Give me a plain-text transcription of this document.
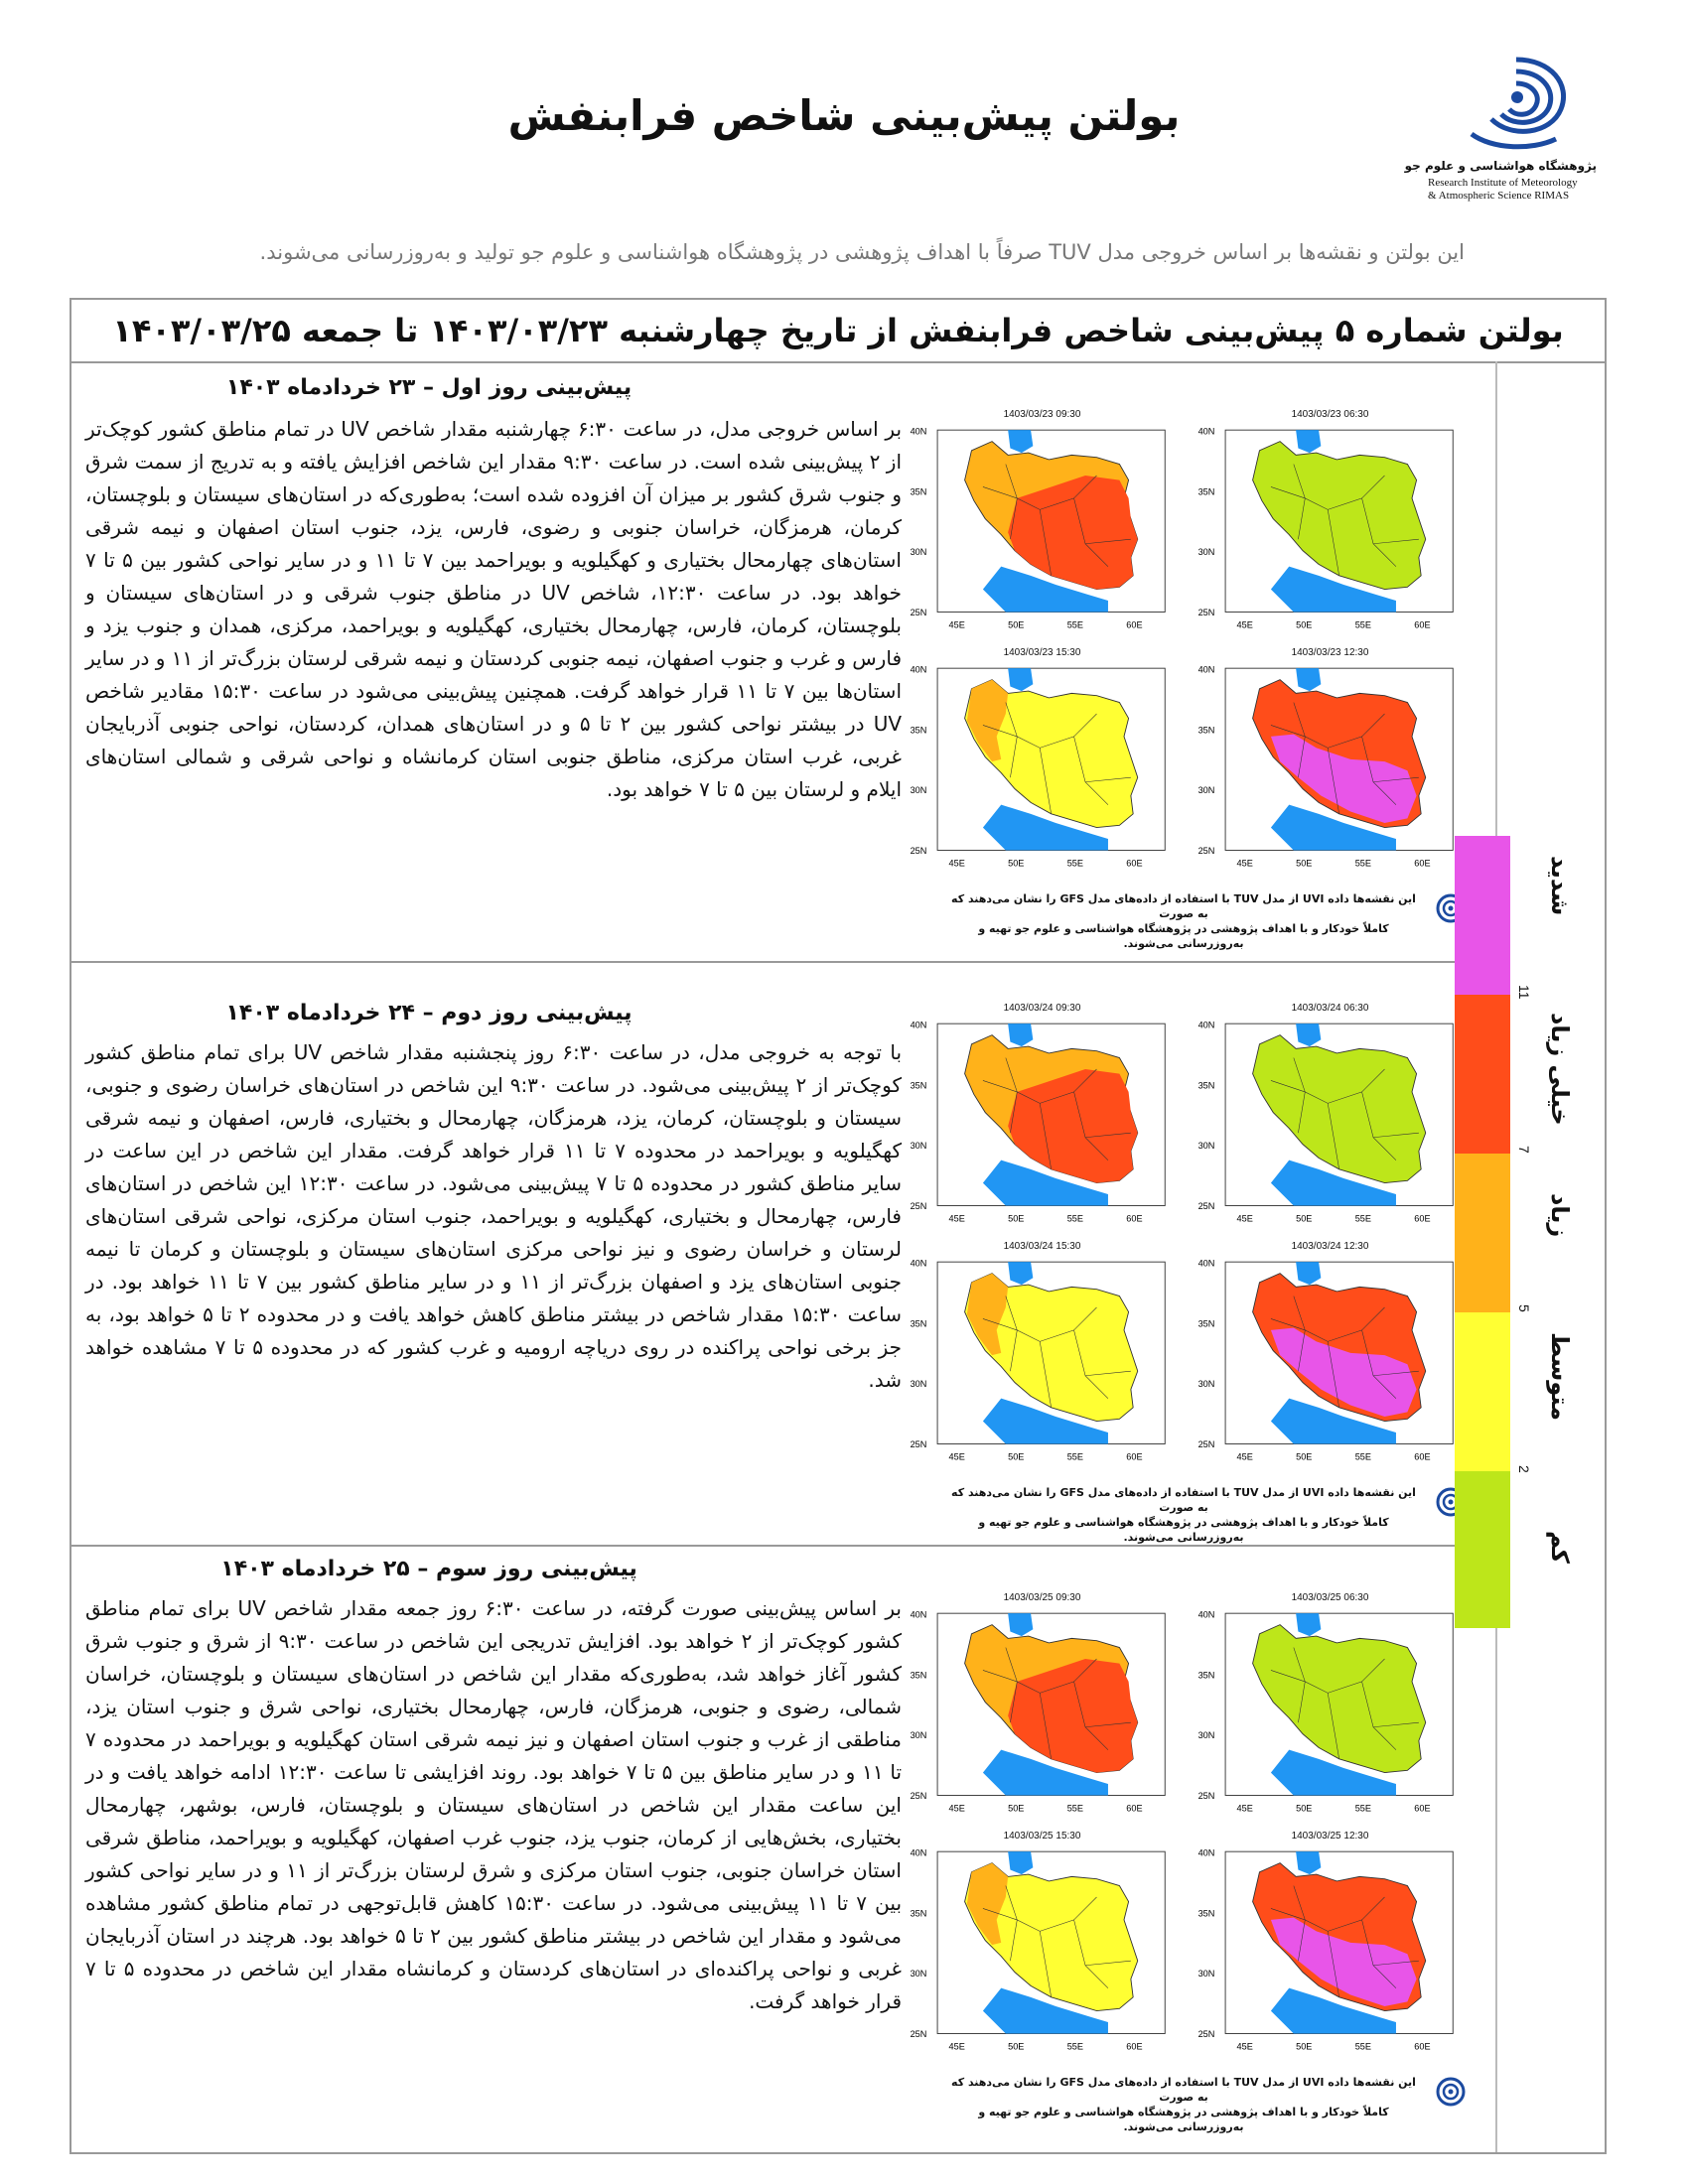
بولتن پیش‌بینی شاخص فرابنفش
پژوهشگاه هواشناسی و علوم جو
Research Institute of Meteorology
& Atmospheric Science RIMAS
این بولتن و نقشه‌ها بر اساس خروجی مدل TUV صرفاً با اهداف پژوهشی در پژوهشگاه هواشناسی و علوم جو تولید و به‌روزرسانی می‌شوند.
بولتن شماره ۵ پیش‌بینی شاخص فرابنفش از تاریخ چهارشنبه ۱۴۰۳/۰۳/۲۳ تا جمعه ۱۴۰۳/۰۳/۲۵
پیش‌بینی روز اول – ۲۳ خردادماه ۱۴۰۳
بر اساس خروجی مدل، در ساعت ۶:۳۰ چهارشنبه مقدار شاخص UV در تمام مناطق کشور کوچک‌تر از ۲ پیش‌بینی شده است. در ساعت ۹:۳۰ مقدار این شاخص افزایش یافته و به تدریج از سمت شرق و جنوب شرق کشور بر میزان آن افزوده شده است؛ به‌طوری‌که در استان‌های سیستان و بلوچستان، کرمان، هرمزگان، خراسان جنوبی و رضوی، فارس، یزد، جنوب استان اصفهان و نیمه شرقی استان‌های چهارمحال بختیاری و کهگیلویه و بویراحمد بین ۷ تا ۱۱ و در سایر نواحی کشور بین ۵ تا ۷ خواهد بود. در ساعت ۱۲:۳۰، شاخص UV در مناطق جنوب شرقی و در استان‌های سیستان و بلوچستان، کرمان، فارس، چهارمحال بختیاری، کهگیلویه و بویراحمد، مرکزی، همدان و جنوب یزد و فارس و غرب و جنوب اصفهان، نیمه جنوبی کردستان و نیمه شرقی لرستان بزرگ‌تر از ۱۱ و در سایر استان‌ها بین ۷ تا ۱۱ قرار خواهد گرفت. همچنین پیش‌بینی می‌شود در ساعت ۱۵:۳۰ مقادیر شاخص UV در بیشتر نواحی کشور بین ۲ تا ۵ و در استان‌های همدان، کردستان، نواحی جنوبی آذربایجان غربی، غرب استان مرکزی، مناطق جنوبی استان کرمانشاه و نواحی شرقی و شمالی استان‌های ایلام و لرستان بین ۵ تا ۷ خواهد بود.
1403/03/23 09:30
40N
35N
30N
25N
45E	50E	55E	60E
1403/03/23 06:30
40N
35N
30N
25N
45E	50E	55E	60E
1403/03/23 15:30
40N
35N
30N
25N
45E	50E	55E	60E
1403/03/23 12:30
40N
35N
30N
25N
45E	50E	55E	60E
این نقشه‌ها داده UVI از مدل TUV با استفاده از داده‌های مدل GFS را نشان می‌دهند که به صورت
کاملاً خودکار و با اهداف پژوهشی در پژوهشگاه هواشناسی و علوم جو تهیه و به‌روزرسانی می‌شوند.
پیش‌بینی روز دوم – ۲۴ خردادماه ۱۴۰۳
با توجه به خروجی مدل، در ساعت ۶:۳۰ روز پنجشنبه مقدار شاخص UV برای تمام مناطق کشور کوچک‌تر از ۲ پیش‌بینی می‌شود. در ساعت ۹:۳۰ این شاخص در استان‌های خراسان رضوی و جنوبی، سیستان و بلوچستان، کرمان، یزد، هرمزگان، چهارمحال و بختیاری، فارس، اصفهان و نیمه شرقی کهگیلویه و بویراحمد در محدوده ۷ تا ۱۱ قرار خواهد گرفت. مقدار این شاخص در این ساعت در سایر مناطق کشور در محدوده ۵ تا ۷ پیش‌بینی می‌شود. در ساعت ۱۲:۳۰ این شاخص در استان‌های فارس، چهارمحال و بختیاری، کهگیلویه و بویراحمد، جنوب استان مرکزی، نواحی شرقی استان‌های لرستان و خراسان رضوی و نیز نواحی مرکزی استان‌های سیستان و بلوچستان و کرمان تا نیمه جنوبی استان‌های یزد و اصفهان بزرگ‌تر از ۱۱ و در سایر مناطق کشور بین ۷ تا ۱۱ خواهد بود. در ساعت ۱۵:۳۰ مقدار شاخص در بیشتر مناطق کاهش خواهد یافت و در محدوده ۲ تا ۵ خواهد بود، به جز برخی نواحی پراکنده در روی دریاچه ارومیه و غرب کشور که در محدوده ۵ تا ۷ مشاهده خواهد شد.
1403/03/24 09:30
40N
35N
30N
25N
45E	50E	55E	60E
1403/03/24 06:30
40N
35N
30N
25N
45E	50E	55E	60E
1403/03/24 15:30
40N
35N
30N
25N
45E	50E	55E	60E
1403/03/24 12:30
40N
35N
30N
25N
45E	50E	55E	60E
این نقشه‌ها داده UVI از مدل TUV با استفاده از داده‌های مدل GFS را نشان می‌دهند که به صورت
کاملاً خودکار و با اهداف پژوهشی در پژوهشگاه هواشناسی و علوم جو تهیه و به‌روزرسانی می‌شوند.
پیش‌بینی روز سوم – ۲۵ خردادماه ۱۴۰۳
بر اساس پیش‌بینی صورت گرفته، در ساعت ۶:۳۰ روز جمعه مقدار شاخص UV برای تمام مناطق کشور کوچک‌تر از ۲ خواهد بود. افزایش تدریجی این شاخص در ساعت ۹:۳۰ از شرق و جنوب شرق کشور آغاز خواهد شد، به‌طوری‌که مقدار این شاخص در استان‌های سیستان و بلوچستان، خراسان شمالی، رضوی و جنوبی، هرمزگان، فارس، چهارمحال بختیاری، نواحی شرق و جنوب استان یزد، مناطقی از غرب و جنوب استان اصفهان و نیز نیمه شرقی استان کهگیلویه و بویراحمد در محدوده ۷ تا ۱۱ و در سایر مناطق بین ۵ تا ۷ خواهد بود. روند افزایشی تا ساعت ۱۲:۳۰ ادامه خواهد یافت و در این ساعت مقدار این شاخص در استان‌های سیستان و بلوچستان، فارس، بوشهر، چهارمحال بختیاری، بخش‌هایی از کرمان، جنوب یزد، جنوب غرب اصفهان، کهگیلویه و بویراحمد، مناطق شرقی استان خراسان جنوبی، جنوب استان مرکزی و شرق لرستان بزرگ‌تر از ۱۱ و در سایر نواحی کشور بین ۷ تا ۱۱ پیش‌بینی می‌شود. در ساعت ۱۵:۳۰ کاهش قابل‌توجهی در تمام مناطق کشور مشاهده می‌شود و مقدار این شاخص در بیشتر مناطق کشور بین ۲ تا ۵ خواهد بود. هرچند در استان آذربایجان غربی و نواحی پراکنده‌ای در استان‌های کردستان و کرمانشاه مقدار این شاخص در محدوده ۵ تا ۷ قرار خواهد گرفت.
1403/03/25 09:30
40N
35N
30N
25N
45E	50E	55E	60E
1403/03/25 06:30
40N
35N
30N
25N
45E	50E	55E	60E
1403/03/25 15:30
40N
35N
30N
25N
45E	50E	55E	60E
1403/03/25 12:30
40N
35N
30N
25N
45E	50E	55E	60E
این نقشه‌ها داده UVI از مدل TUV با استفاده از داده‌های مدل GFS را نشان می‌دهند که به صورت
کاملاً خودکار و با اهداف پژوهشی در پژوهشگاه هواشناسی و علوم جو تهیه و به‌روزرسانی می‌شوند.
شدید
خیلی زیاد
زیاد
متوسط
کم
11
7
5
2
